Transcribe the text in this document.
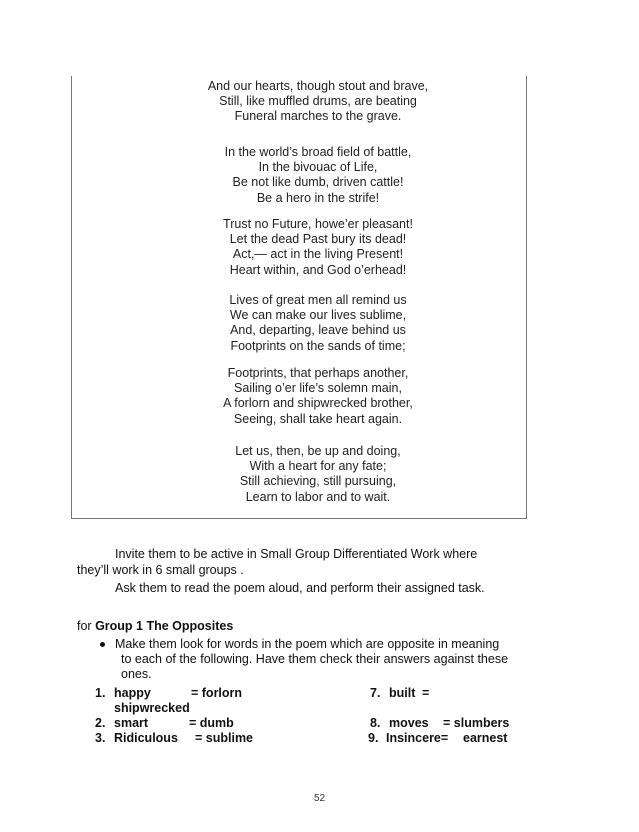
And our hearts, though stout and brave,
Still, like muffled drums, are beating
Funeral marches to the grave.
In the world’s broad field of battle,
In the bivouac of Life,
Be not like dumb, driven cattle!
Be a hero in the strife!
Trust no Future, howe’er pleasant!
Let the dead Past bury its dead!
Act,— act in the living Present!
Heart within, and God o’erhead!
Lives of great men all remind us
We can make our lives sublime,
And, departing, leave behind us
Footprints on the sands of time;
Footprints, that perhaps another,
Sailing o’er life’s solemn main,
A forlorn and shipwrecked brother,
Seeing, shall take heart again.
Let us, then, be up and doing,
With a heart for any fate;
Still achieving, still pursuing,
Learn to labor and to wait.
Invite them to be active in Small Group Differentiated Work where
they’ll work in 6 small groups .
Ask them to read the poem aloud, and perform their assigned task.
for Group 1 The Opposites
Make them look for words in the poem which are opposite in meaning
to each of the following. Have them check their answers against these
ones.
1. happy	= forlorn
shipwrecked
2. smart	= dumb
3. Ridiculous = sublime
7. built =
8. moves = slumbers
9. Insincere= earnest
52
